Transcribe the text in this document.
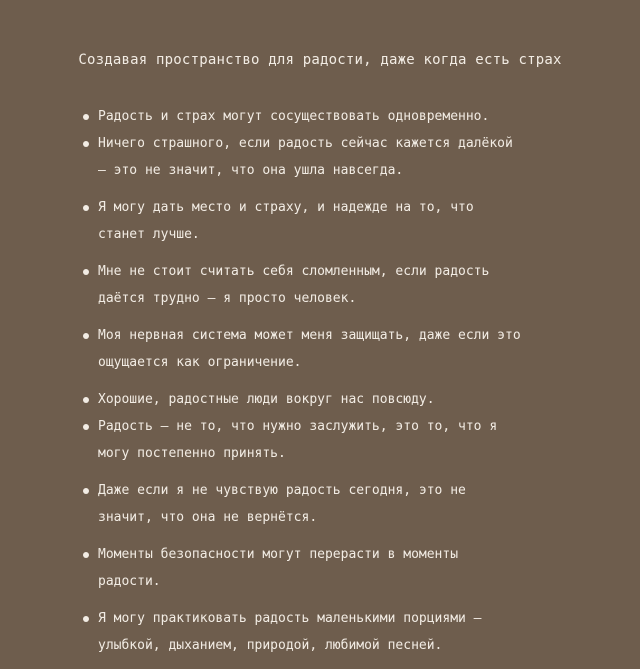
Создавая пространство для радости, даже когда есть страх
Радость и страх могут сосуществовать одновременно.
Ничего страшного, если радость сейчас кажется далёкой
— это не значит, что она ушла навсегда.
Я могу дать место и страху, и надежде на то, что
станет лучше.
Мне не стоит считать себя сломленным, если радость
даётся трудно — я просто человек.
Моя нервная система может меня защищать, даже если это
ощущается как ограничение.
Хорошие, радостные люди вокруг нас повсюду.
Радость — не то, что нужно заслужить, это то, что я
могу постепенно принять.
Даже если я не чувствую радость сегодня, это не
значит, что она не вернётся.
Моменты безопасности могут перерасти в моменты
радости.
Я могу практиковать радость маленькими порциями —
улыбкой, дыханием, природой, любимой песней.
